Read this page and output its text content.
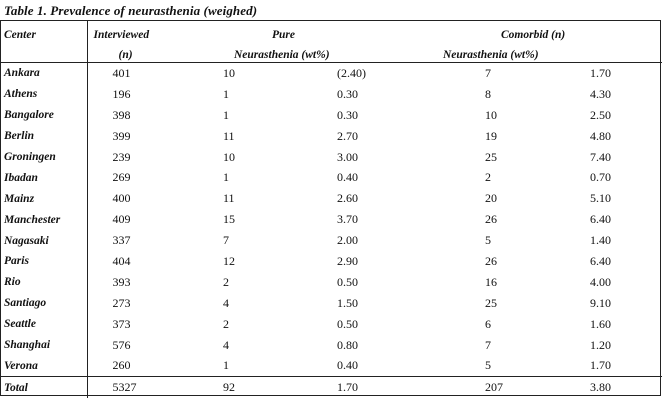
Table 1. Prevalence of neurasthenia (weighed)
Center	Interviewed	Pure		Comorbid (n)	
	(n)	Neurasthenia (wt%)		Neurasthenia (wt%)	
Ankara	401	10	(2.40)	7	1.70
Athens	196	1	0.30	8	4.30
Bangalore	398	1	0.30	10	2.50
Berlin	399	11	2.70	19	4.80
Groningen	239	10	3.00	25	7.40
Ibadan	269	1	0.40	2	0.70
Mainz	400	11	2.60	20	5.10
Manchester	409	15	3.70	26	6.40
Nagasaki	337	7	2.00	5	1.40
Paris	404	12	2.90	26	6.40
Rio	393	2	0.50	16	4.00
Santiago	273	4	1.50	25	9.10
Seattle	373	2	0.50	6	1.60
Shanghai	576	4	0.80	7	1.20
Verona	260	1	0.40	5	1.70
Total	5327	92	1.70	207	3.80
